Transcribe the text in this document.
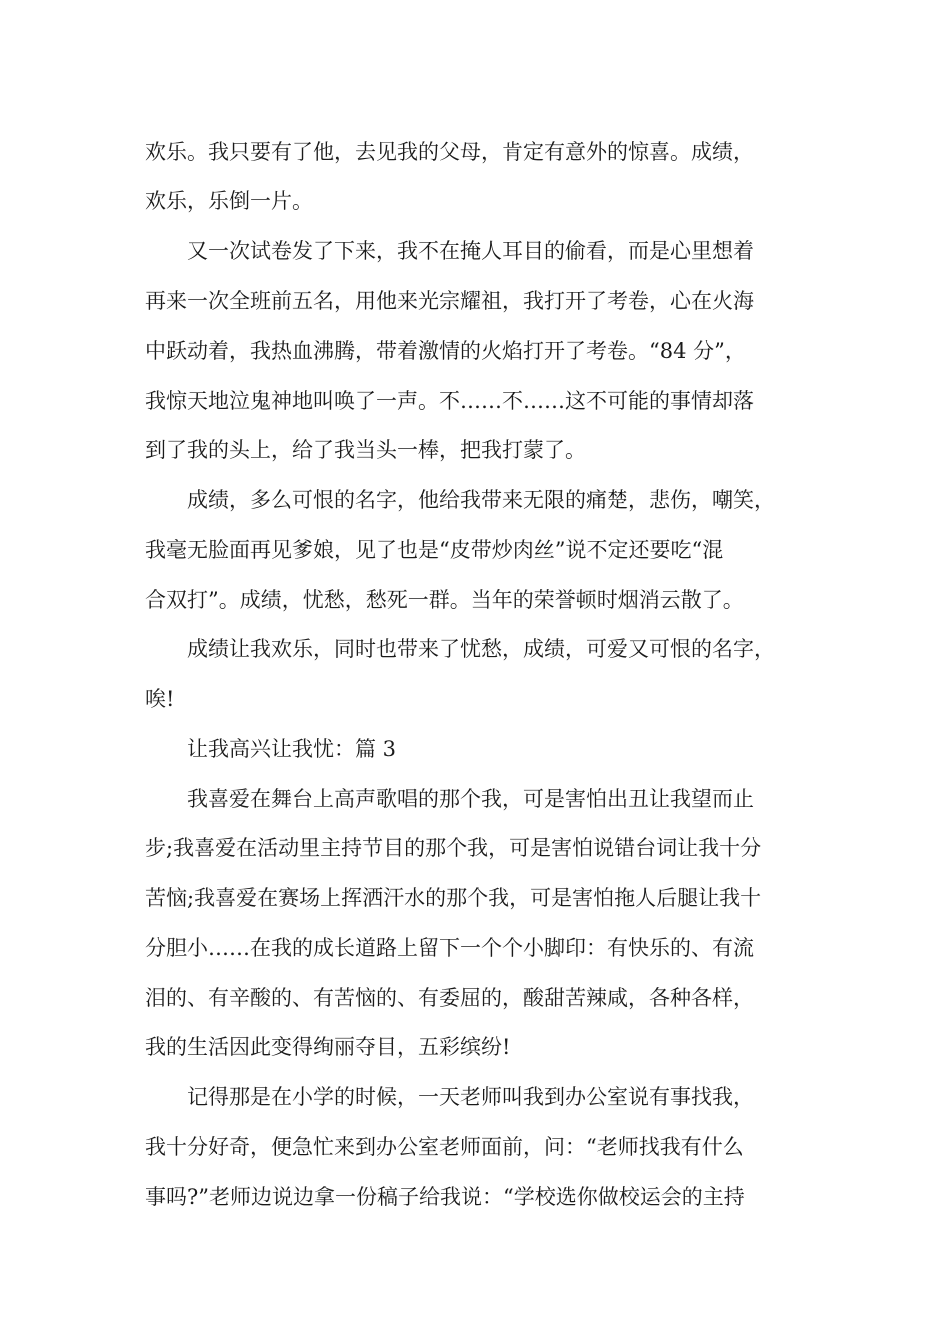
欢乐。我只要有了他，去见我的父母，肯定有意外的惊喜。成绩，

欢乐，乐倒一片。

又一次试卷发了下来，我不在掩人耳目的偷看，而是心里想着

再来一次全班前五名，用他来光宗耀祖，我打开了考卷，心在火海

中跃动着，我热血沸腾，带着激情的火焰打开了考卷。“84 分”，

我惊天地泣鬼神地叫唤了一声。不……不……这不可能的事情却落

到了我的头上，给了我当头一棒，把我打蒙了。

成绩，多么可恨的名字，他给我带来无限的痛楚，悲伤，嘲笑，

我毫无脸面再见爹娘，见了也是“皮带炒肉丝”说不定还要吃“混

合双打”。成绩，忧愁，愁死一群。当年的荣誉顿时烟消云散了。

成绩让我欢乐，同时也带来了忧愁，成绩，可爱又可恨的名字，

唉!

让我高兴让我忧：篇 3

我喜爱在舞台上高声歌唱的那个我，可是害怕出丑让我望而止

步;我喜爱在活动里主持节目的那个我，可是害怕说错台词让我十分

苦恼;我喜爱在赛场上挥洒汗水的那个我，可是害怕拖人后腿让我十

分胆小……在我的成长道路上留下一个个小脚印：有快乐的、有流

泪的、有辛酸的、有苦恼的、有委屈的，酸甜苦辣咸，各种各样，

我的生活因此变得绚丽夺目，五彩缤纷!

记得那是在小学的时候，一天老师叫我到办公室说有事找我，

我十分好奇，便急忙来到办公室老师面前，问：“老师找我有什么

事吗?”老师边说边拿一份稿子给我说：“学校选你做校运会的主持
